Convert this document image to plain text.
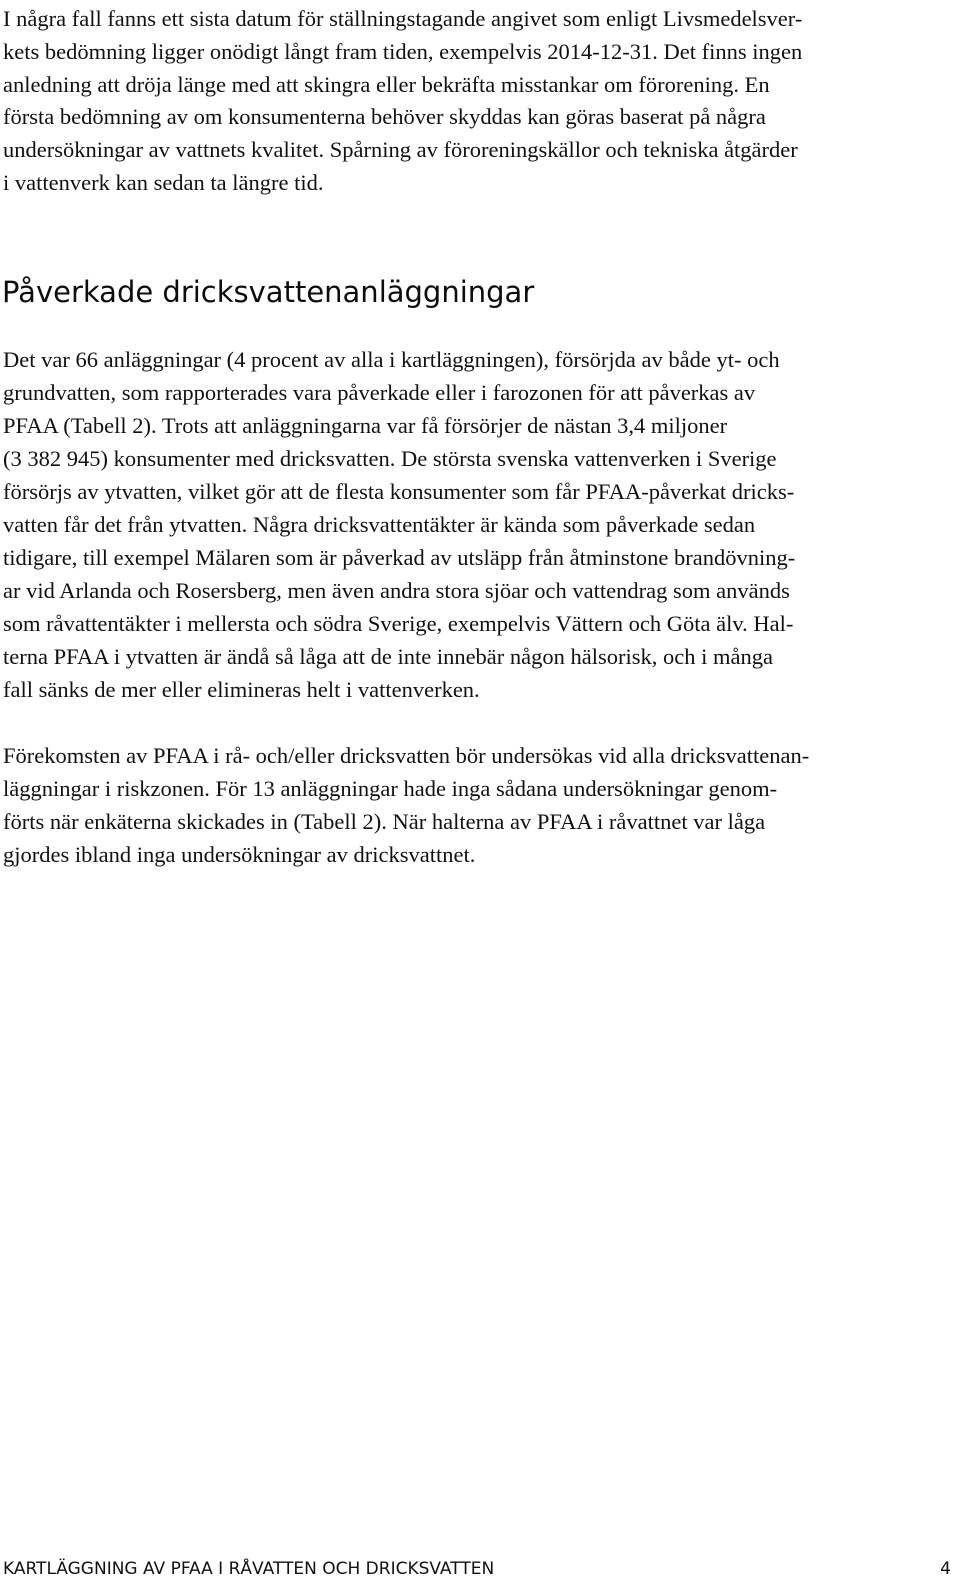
I några fall fanns ett sista datum för ställningstagande angivet som enligt Livsmedelsver-
kets bedömning ligger onödigt långt fram tiden, exempelvis 2014-12-31. Det finns ingen
anledning att dröja länge med att skingra eller bekräfta misstankar om förorening. En
första bedömning av om konsumenterna behöver skyddas kan göras baserat på några
undersökningar av vattnets kvalitet. Spårning av föroreningskällor och tekniska åtgärder
i vattenverk kan sedan ta längre tid.
Påverkade dricksvattenanläggningar
Det var 66 anläggningar (4 procent av alla i kartläggningen), försörjda av både yt- och
grundvatten, som rapporterades vara påverkade eller i farozonen för att påverkas av
PFAA (Tabell 2). Trots att anläggningarna var få försörjer de nästan 3,4 miljoner
(3 382 945) konsumenter med dricksvatten. De största svenska vattenverken i Sverige
försörjs av ytvatten, vilket gör att de flesta konsumenter som får PFAA-påverkat dricks-
vatten får det från ytvatten. Några dricksvattentäkter är kända som påverkade sedan
tidigare, till exempel Mälaren som är påverkad av utsläpp från åtminstone brandövning-
ar vid Arlanda och Rosersberg, men även andra stora sjöar och vattendrag som används
som råvattentäkter i mellersta och södra Sverige, exempelvis Vättern och Göta älv. Hal-
terna PFAA i ytvatten är ändå så låga att de inte innebär någon hälsorisk, och i många
fall sänks de mer eller elimineras helt i vattenverken.
Förekomsten av PFAA i rå- och/eller dricksvatten bör undersökas vid alla dricksvattenan-
läggningar i riskzonen. För 13 anläggningar hade inga sådana undersökningar genom-
förts när enkäterna skickades in (Tabell 2). När halterna av PFAA i råvattnet var låga
gjordes ibland inga undersökningar av dricksvattnet.
KARTLÄGGNING AV PFAA I RÅVATTEN OCH DRICKSVATTEN	4
